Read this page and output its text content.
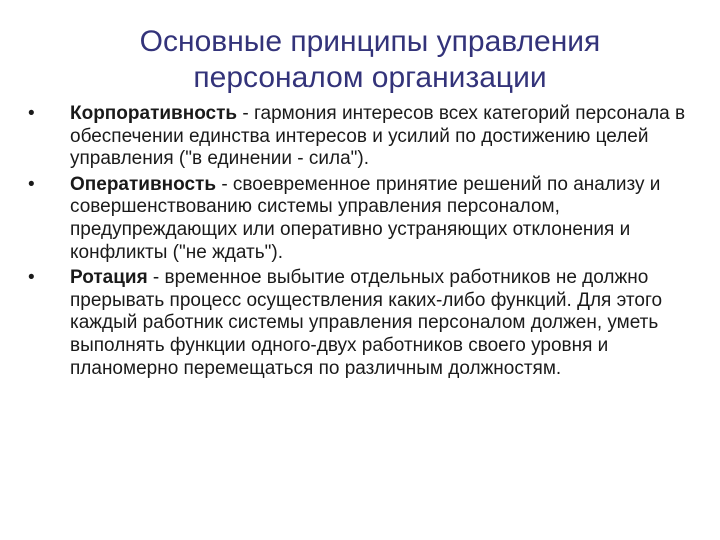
Основные принципы управления
персоналом организации
•	Корпоративность - гармония интересов всех категорий персонала в обеспечении единства интересов и усилий по достижению целей управления ("в единении - сила").
•	Оперативность - своевременное принятие решений по анализу и совершенствованию системы управления персоналом, предупреждающих или оперативно устраняющих отклонения и конфликты ("не ждать").
•	Ротация - временное выбытие отдельных работников не должно прерывать процесс осуществления каких-либо функций. Для этого каждый работник системы управления персоналом должен, уметь выполнять функции одного-двух работников своего уровня и планомерно перемещаться по различным должностям.
